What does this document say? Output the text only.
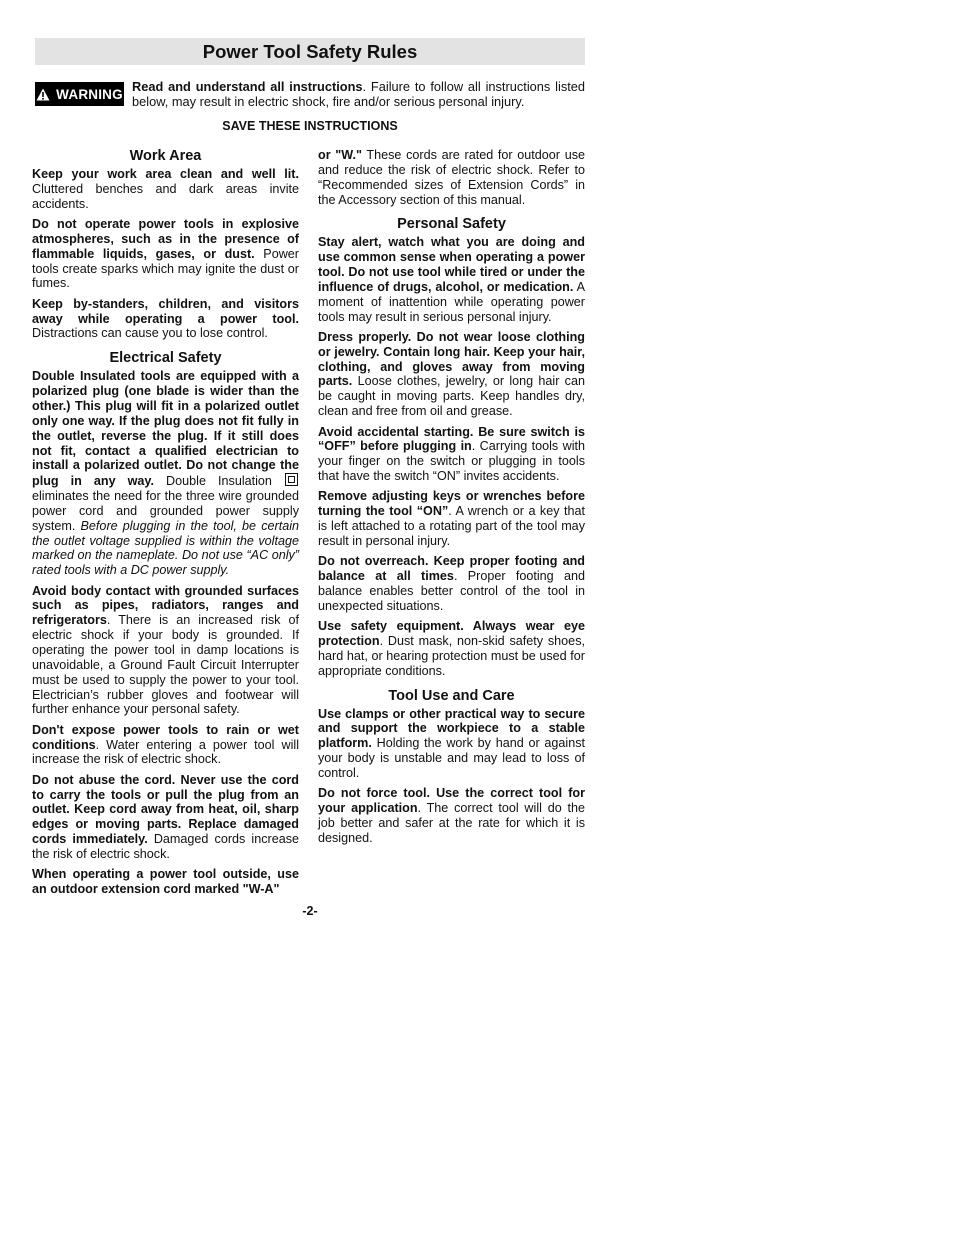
Power Tool Safety Rules
WARNING Read and understand all instructions. Failure to follow all instructions listed below, may result in electric shock, fire and/or serious personal injury.
SAVE THESE INSTRUCTIONS
Work Area

Keep your work area clean and well lit. Cluttered benches and dark areas invite accidents.

Do not operate power tools in explosive atmospheres, such as in the presence of flammable liquids, gases, or dust. Power tools create sparks which may ignite the dust or fumes.

Keep by-standers, children, and visitors away while operating a power tool. Distractions can cause you to lose control.

Electrical Safety

Double Insulated tools are equipped with a polarized plug (one blade is wider than the other.) This plug will fit in a polarized outlet only one way. If the plug does not fit fully in the outlet, reverse the plug. If it still does not fit, contact a qualified electrician to install a polarized outlet. Do not change the plug in any way. Double Insulation  eliminates the need for the three wire grounded power cord and grounded power supply system. Before plugging in the tool, be certain the outlet voltage supplied is within the voltage marked on the nameplate. Do not use “AC only” rated tools with a DC power supply.

Avoid body contact with grounded surfaces such as pipes, radiators, ranges and refrigerators. There is an increased risk of electric shock if your body is grounded. If operating the power tool in damp locations is unavoidable, a Ground Fault Circuit Interrupter must be used to supply the power to your tool. Electrician’s rubber gloves and footwear will further enhance your personal safety.

Don't expose power tools to rain or wet conditions. Water entering a power tool will increase the risk of electric shock.

Do not abuse the cord. Never use the cord to carry the tools or pull the plug from an outlet. Keep cord away from heat, oil, sharp edges or moving parts. Replace damaged cords immediately. Damaged cords increase the risk of electric shock.

When operating a power tool outside, use an outdoor extension cord marked "W-A"

or "W." These cords are rated for outdoor use and reduce the risk of electric shock. Refer to “Recommended sizes of Extension Cords” in the Accessory section of this manual.

Personal Safety

Stay alert, watch what you are doing and use common sense when operating a power tool. Do not use tool while tired or under the influence of drugs, alcohol, or medication. A moment of inattention while operating power tools may result in serious personal injury.

Dress properly. Do not wear loose clothing or jewelry. Contain long hair. Keep your hair, clothing, and gloves away from moving parts. Loose clothes, jewelry, or long hair can be caught in moving parts. Keep handles dry, clean and free from oil and grease.

Avoid accidental starting. Be sure switch is “OFF” before plugging in. Carrying tools with your finger on the switch or plugging in tools that have the switch “ON” invites accidents.

Remove adjusting keys or wrenches before turning the tool “ON”. A wrench or a key that is left attached to a rotating part of the tool may result in personal injury.

Do not overreach. Keep proper footing and balance at all times. Proper footing and balance enables better control of the tool in unexpected situations.

Use safety equipment. Always wear eye protection. Dust mask, non-skid safety shoes, hard hat, or hearing protection must be used for appropriate conditions.

Tool Use and Care

Use clamps or other practical way to secure and support the workpiece to a stable platform. Holding the work by hand or against your body is unstable and may lead to loss of control.

Do not force tool. Use the correct tool for your application. The correct tool will do the job better and safer at the rate for which it is designed.

-2-
